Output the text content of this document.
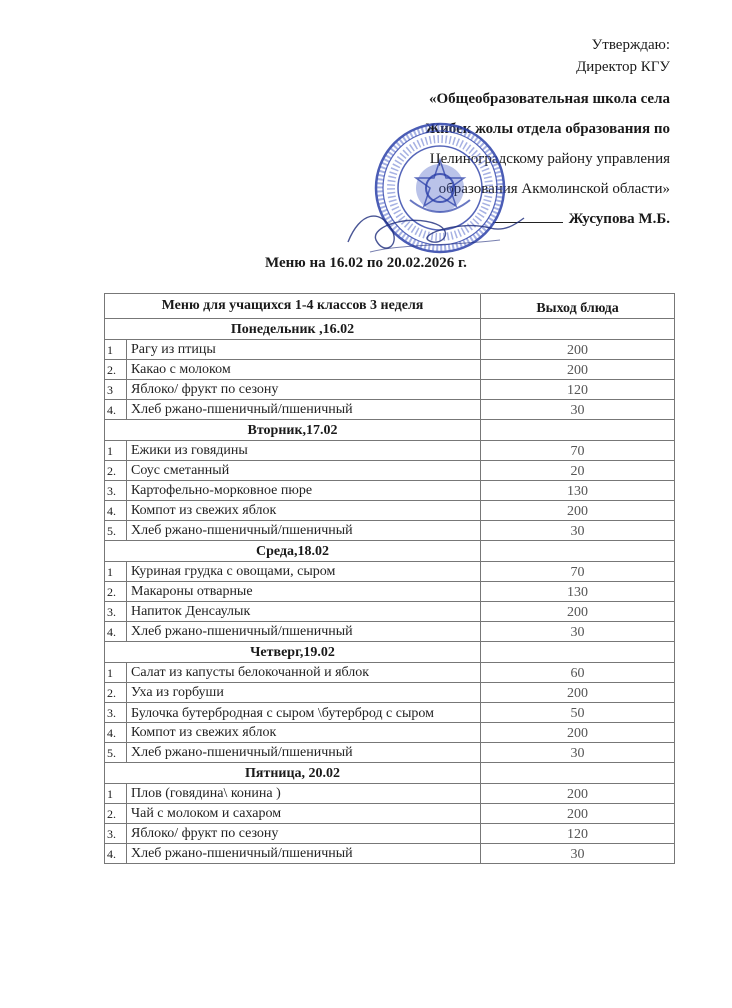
Утверждаю:
Директор КГУ
«Общеобразовательная школа села
Жибек жолы отдела образования по
Целиноградскому району управления
образования Акмолинской области»
Жусупова М.Б.
Меню на 16.02 по 20.02.2026 г.
Меню для учащихся 1-4 классов 3 неделя		Выход блюда
Понедельник ,16.02		
1	Рагу из птицы	200
2.	Какао с молоком	200
3	Яблоко/ фрукт по сезону	120
4.	Хлеб ржано-пшеничный/пшеничный	30
Вторник,17.02		
1	Ежики из говядины	70
2.	Соус сметанный	20
3.	Картофельно-морковное пюре	130
4.	Компот из свежих яблок	200
5.	Хлеб ржано-пшеничный/пшеничный	30
Среда,18.02		
1	Куриная грудка с овощами, сыром	70
2.	Макароны отварные	130
3.	Напиток Денсаулык	200
4.	Хлеб ржано-пшеничный/пшеничный	30
Четверг,19.02		
1	Салат из капусты белокочанной и яблок	60
2.	Уха из горбуши	200
3.	Булочка бутербродная с сыром \бутерброд с сыром	50
4.	Компот из свежих яблок	200
5.	Хлеб ржано-пшеничный/пшеничный	30
Пятница, 20.02		
1	Плов (говядина\ конина )	200
2.	Чай с молоком и сахаром	200
3.	Яблоко/ фрукт по сезону	120
4.	Хлеб ржано-пшеничный/пшеничный	30
